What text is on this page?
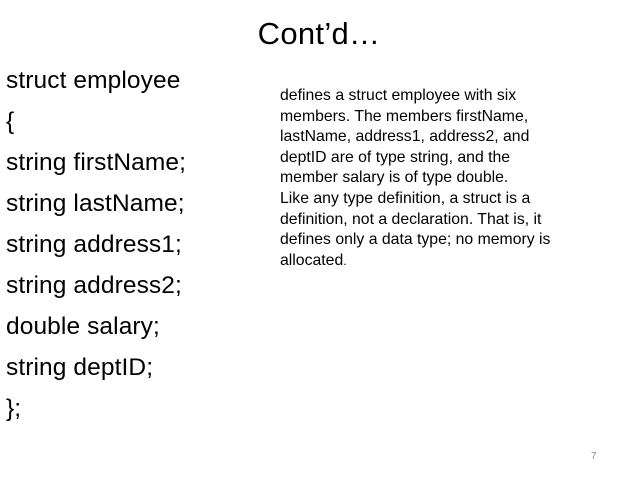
Cont’d…
struct employee
{
string firstName;
string lastName;
string address1;
string address2;
double salary;
string deptID;
};
defines a struct employee with six
members. The members firstName,
lastName, address1, address2, and
deptID are of type string, and the
member salary is of type double.
Like any type definition, a struct is a
definition, not a declaration. That is, it
defines only a data type; no memory is
allocated.
7
